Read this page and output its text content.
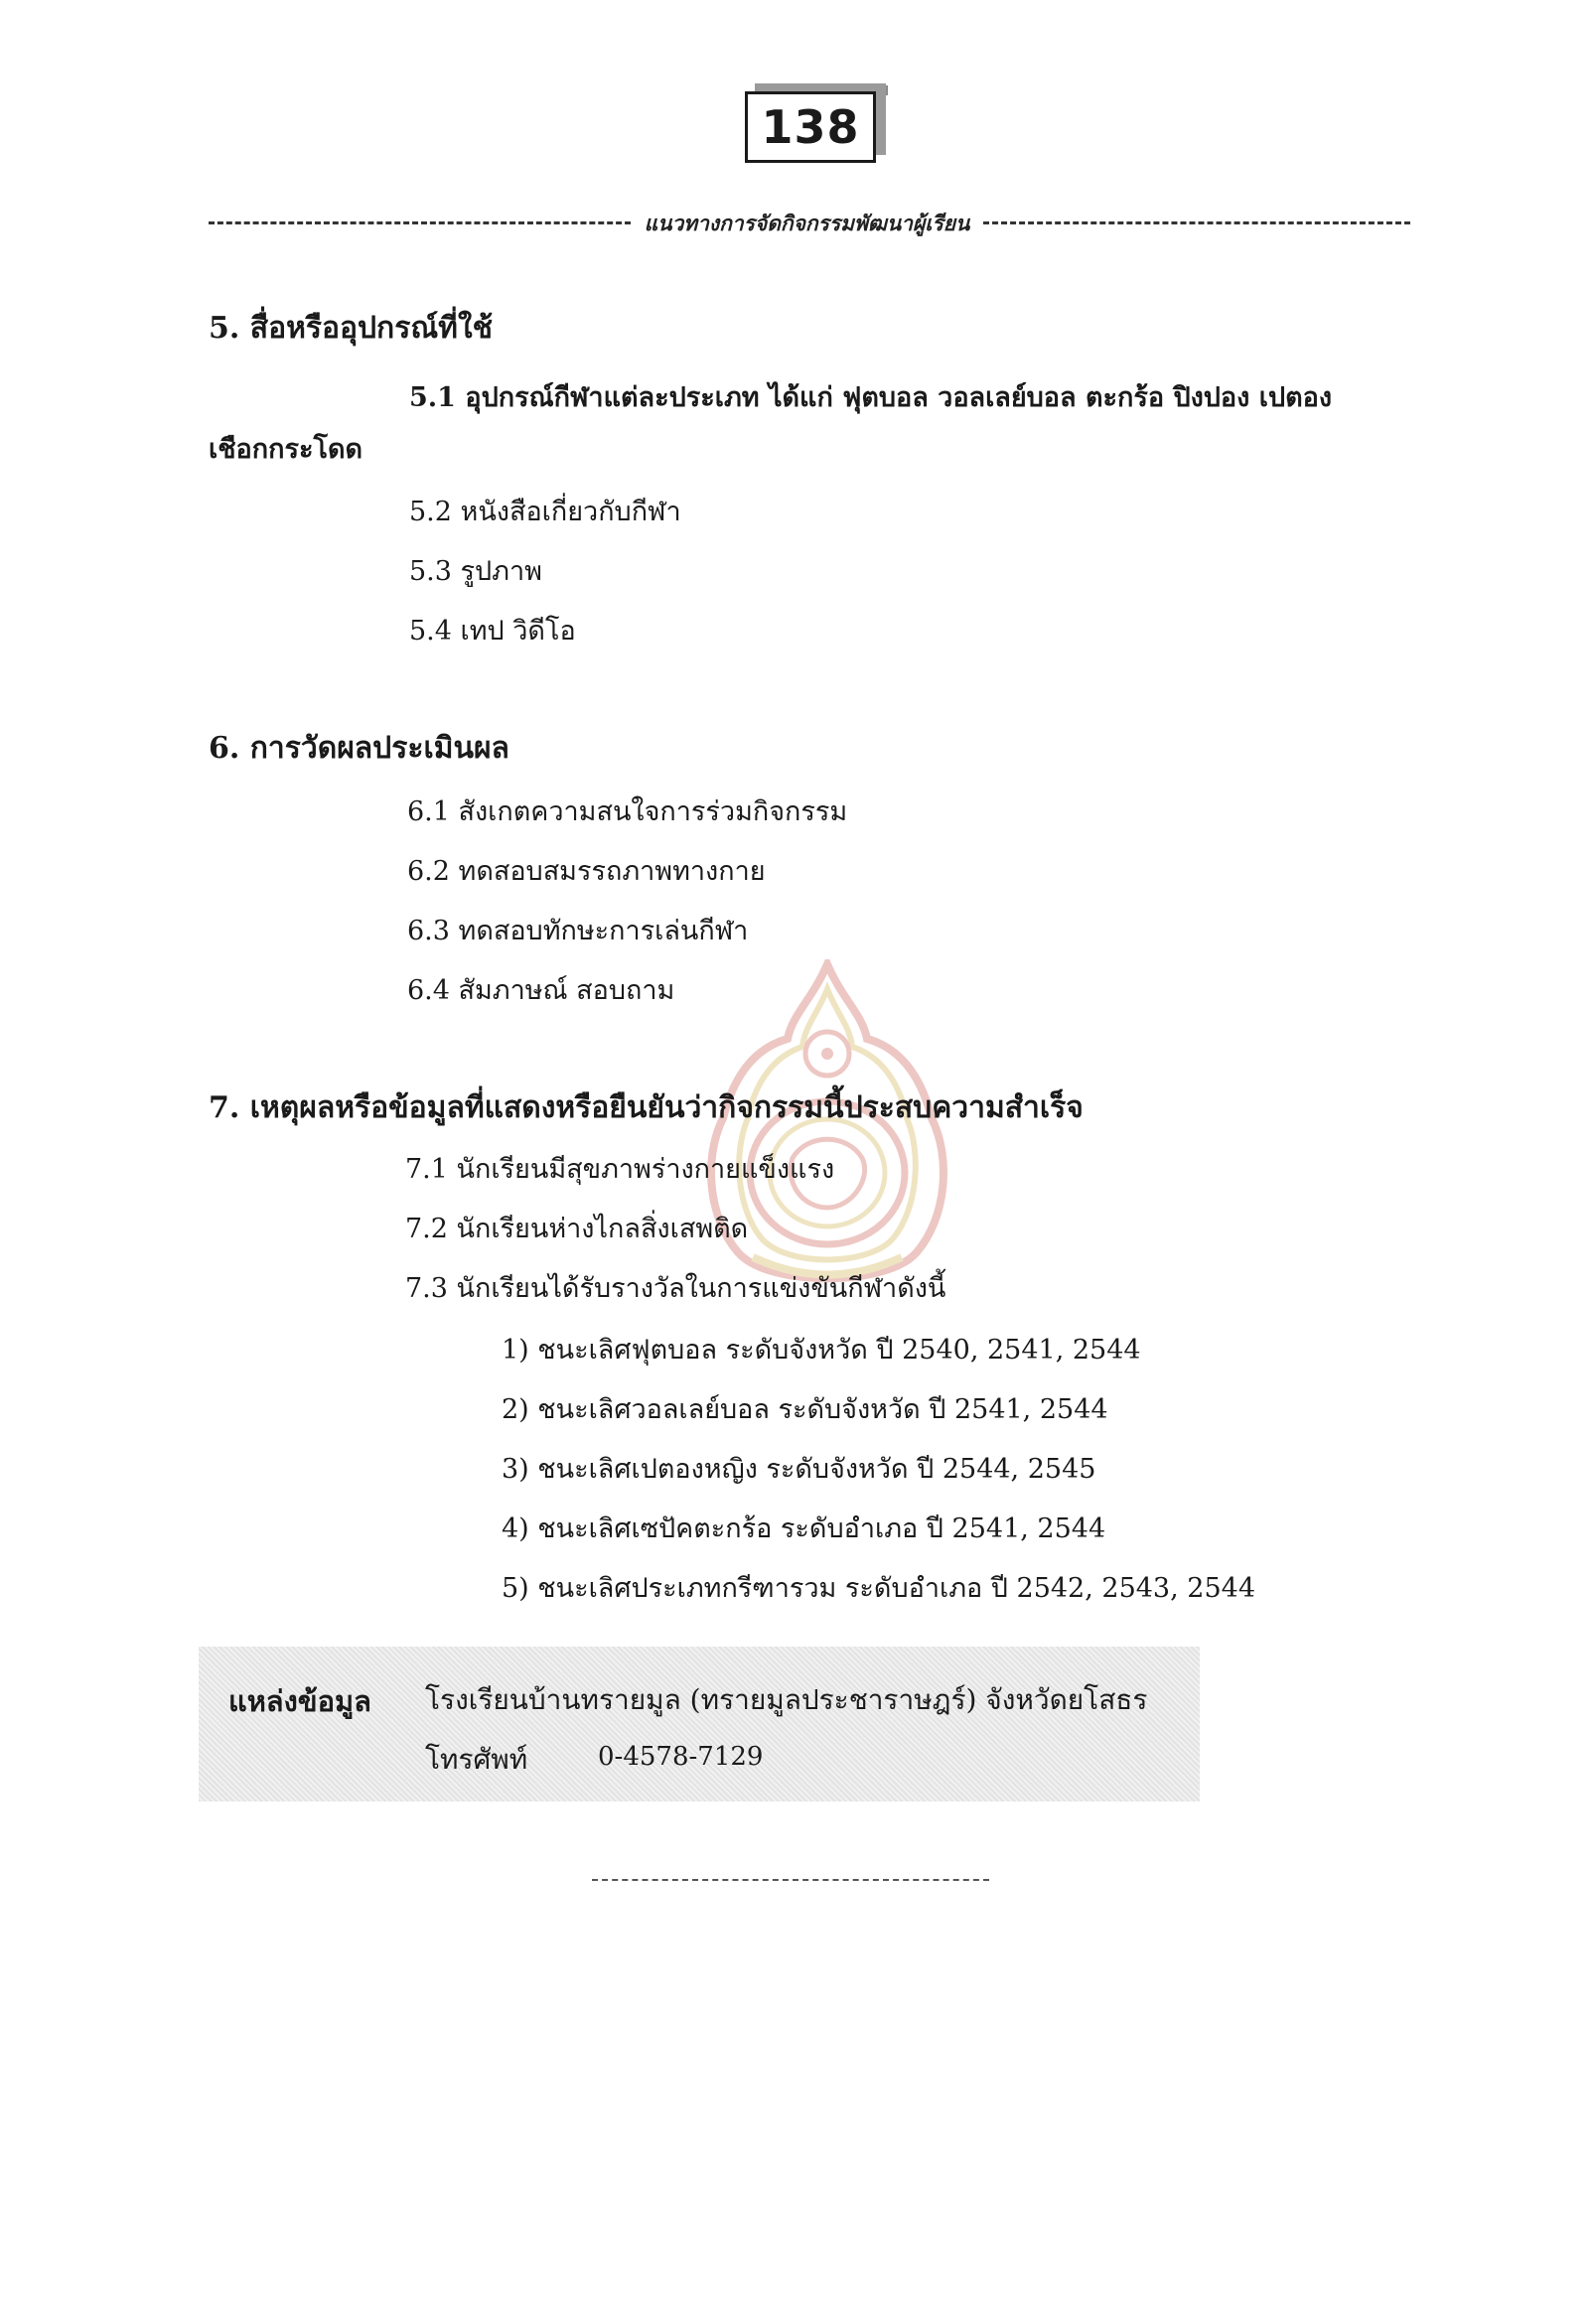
138
แนวทางการจัดกิจกรรมพัฒนาผู้เรียน
5. สื่อหรืออุปกรณ์ที่ใช้
5.1 อุปกรณ์กีฬาแต่ละประเภท ได้แก่ ฟุตบอล วอลเลย์บอล ตะกร้อ ปิงปอง เปตอง
เชือกกระโดด
5.2 หนังสือเกี่ยวกับกีฬา
5.3 รูปภาพ
5.4 เทป วิดีโอ
6. การวัดผลประเมินผล
6.1 สังเกตความสนใจการร่วมกิจกรรม
6.2 ทดสอบสมรรถภาพทางกาย
6.3 ทดสอบทักษะการเล่นกีฬา
6.4 สัมภาษณ์ สอบถาม
7. เหตุผลหรือข้อมูลที่แสดงหรือยืนยันว่ากิจกรรมนี้ประสบความสำเร็จ
7.1 นักเรียนมีสุขภาพร่างกายแข็งแรง
7.2 นักเรียนห่างไกลสิ่งเสพติด
7.3 นักเรียนได้รับรางวัลในการแข่งขันกีฬาดังนี้
1) ชนะเลิศฟุตบอล ระดับจังหวัด ปี 2540, 2541, 2544
2) ชนะเลิศวอลเลย์บอล ระดับจังหวัด ปี 2541, 2544
3) ชนะเลิศเปตองหญิง ระดับจังหวัด ปี 2544, 2545
4) ชนะเลิศเซปัคตะกร้อ ระดับอำเภอ ปี 2541, 2544
5) ชนะเลิศประเภทกรีฑารวม ระดับอำเภอ ปี 2542, 2543, 2544
แหล่งข้อมูล โรงเรียนบ้านทรายมูล (ทรายมูลประชาราษฎร์) จังหวัดยโสธร
โทรศัพท์	0-4578-7129
